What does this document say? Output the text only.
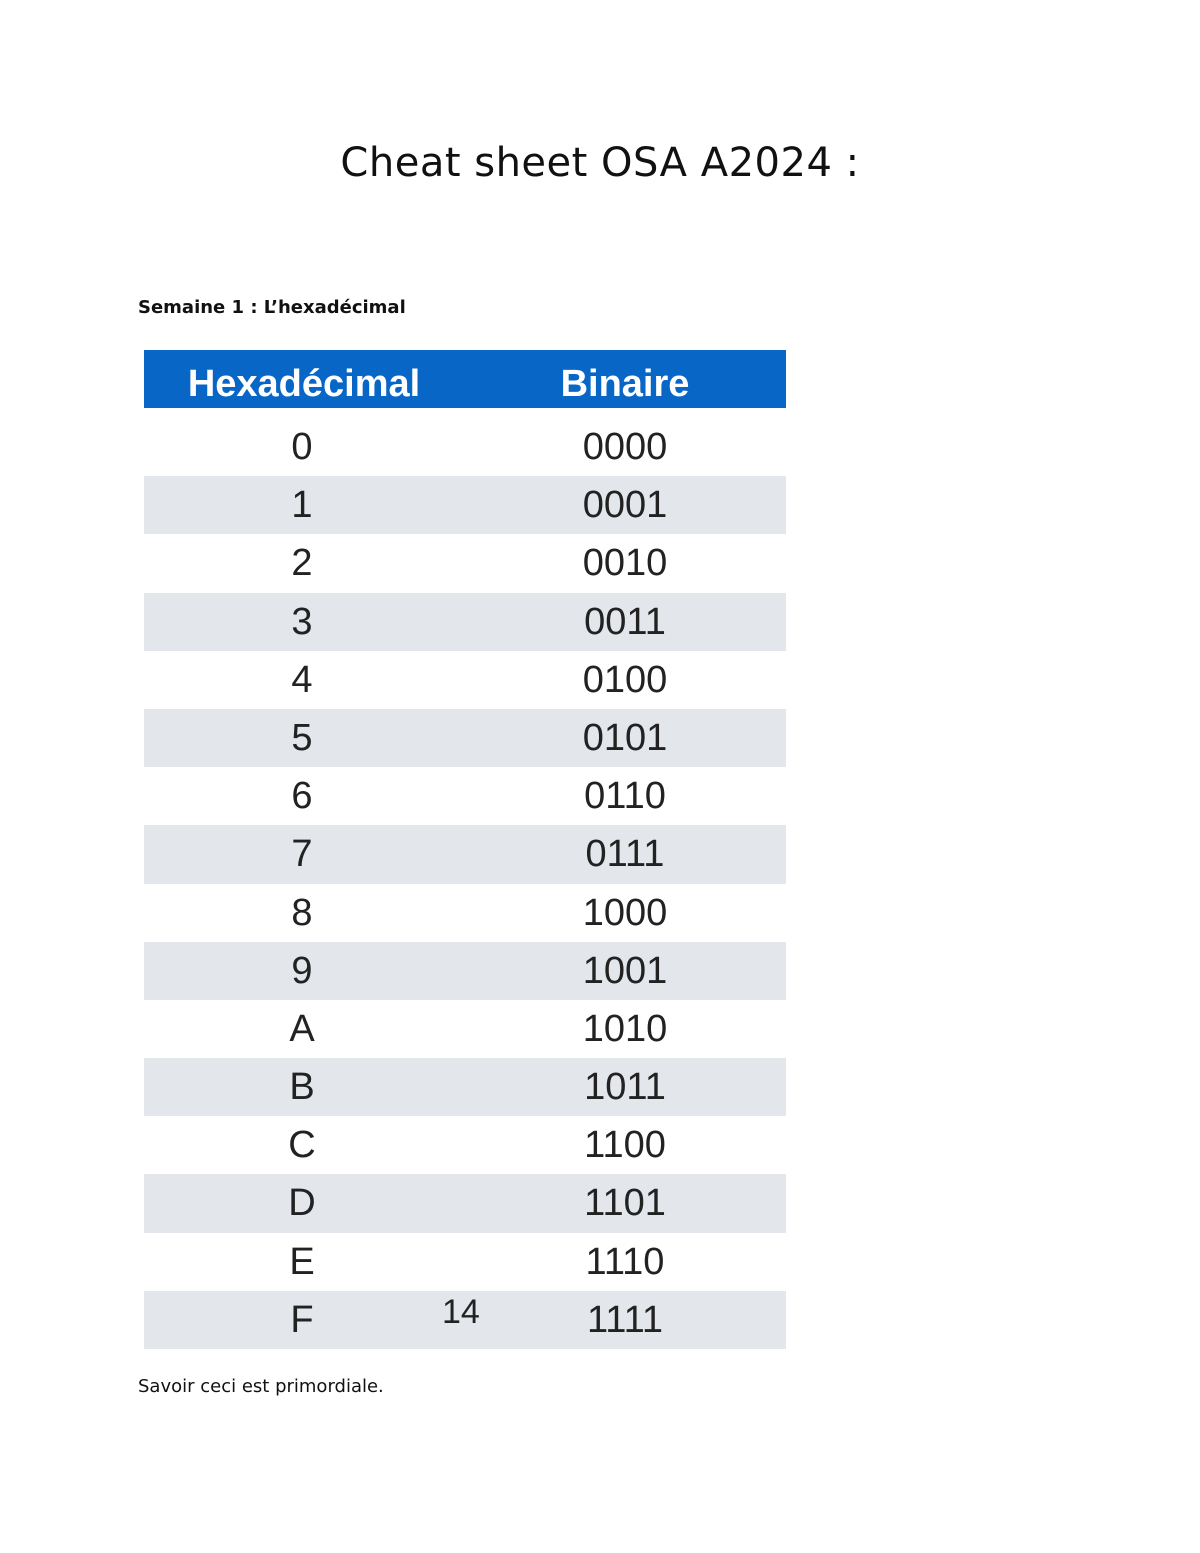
Cheat sheet OSA A2024 :
Semaine 1 : L’hexadécimal
Hexadécimal	Binaire
0	0000
1	0001
2	0010
3	0011
4	0100
5	0101
6	0110
7	0111
8	1000
9	1001
A	1010
B	1011
C	1100
D	1101
E	1110
F	1111
14

Savoir ceci est primordiale.
